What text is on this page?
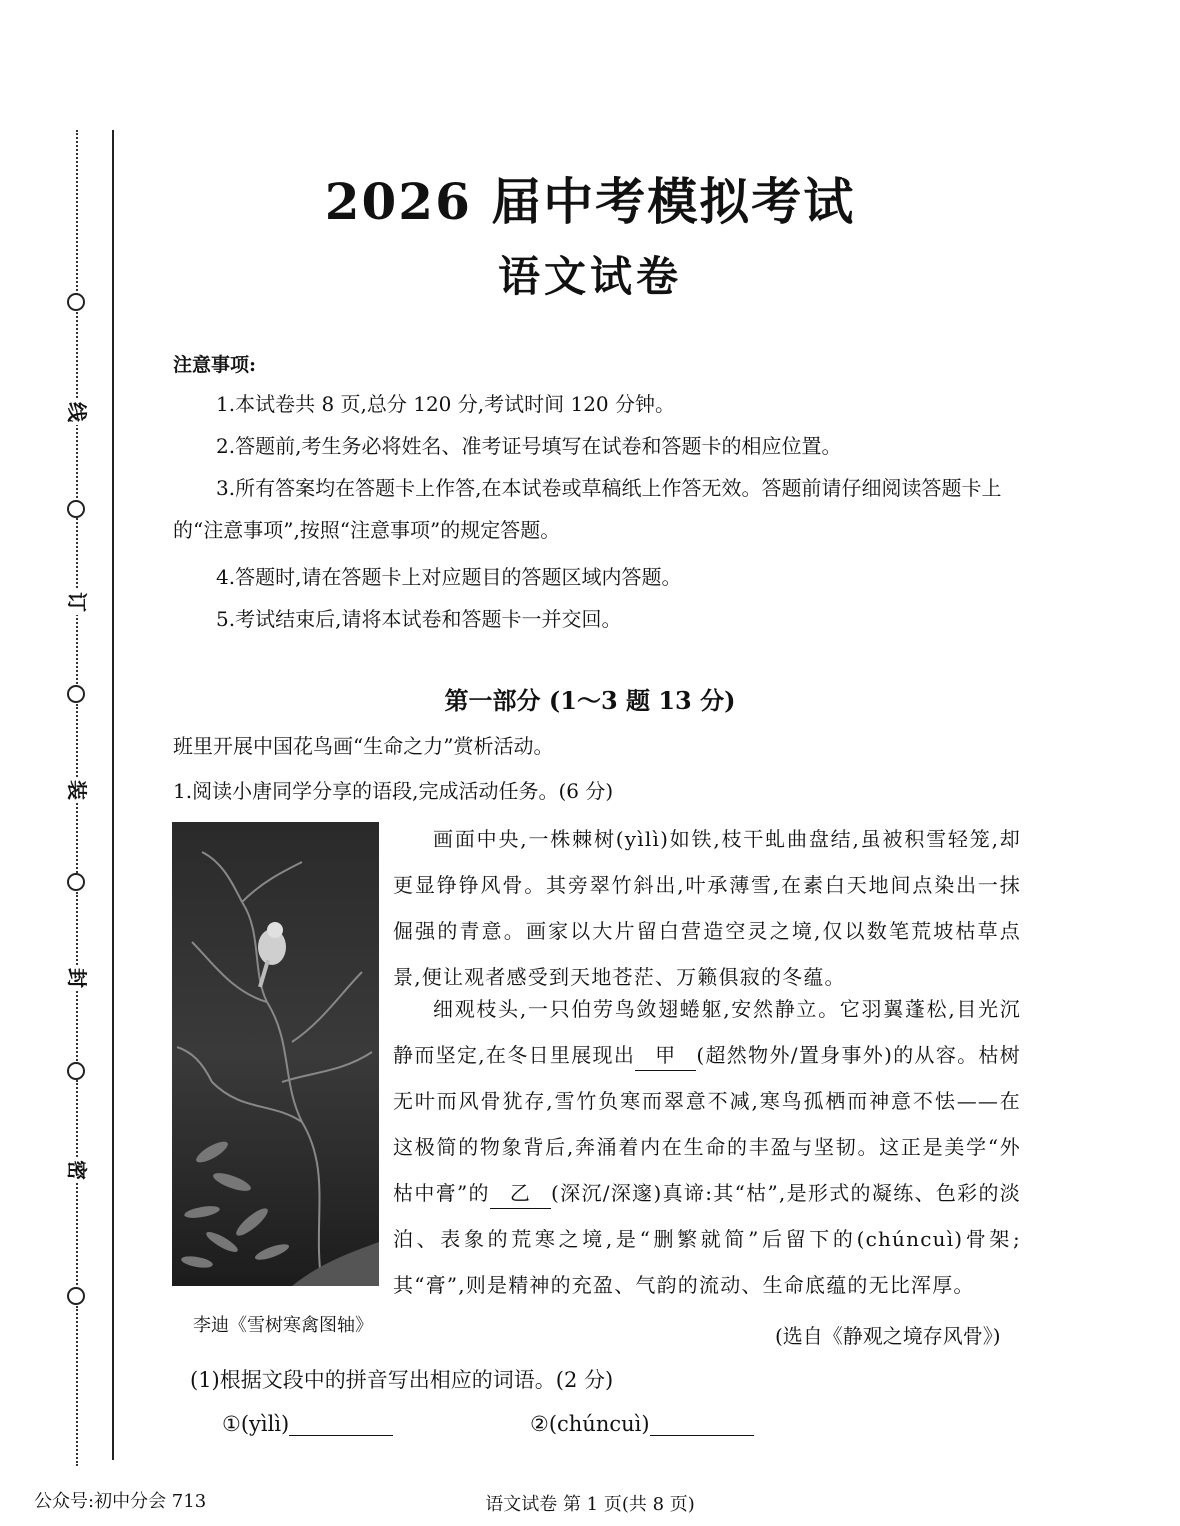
线
订
装
封
密
2026 届中考模拟考试
语文试卷
注意事项:
1.本试卷共 8 页,总分 120 分,考试时间 120 分钟。
2.答题前,考生务必将姓名、准考证号填写在试卷和答题卡的相应位置。
3.所有答案均在答题卡上作答,在本试卷或草稿纸上作答无效。答题前请仔细阅读答题卡上的“注意事项”,按照“注意事项”的规定答题。
4.答题时,请在答题卡上对应题目的答题区域内答题。
5.考试结束后,请将本试卷和答题卡一并交回。
第一部分 (1～3 题 13 分)
班里开展中国花鸟画“生命之力”赏析活动。
1.阅读小唐同学分享的语段,完成活动任务。(6 分)
李迪《雪树寒禽图轴》
画面中央,一株棘树(yìlì)如铁,枝干虬曲盘结,虽被积雪轻笼,却更显铮铮风骨。其旁翠竹斜出,叶承薄雪,在素白天地间点染出一抹倔强的青意。画家以大片留白营造空灵之境,仅以数笔荒坡枯草点景,便让观者感受到天地苍茫、万籁俱寂的冬蕴。
细观枝头,一只伯劳鸟敛翅蜷躯,安然静立。它羽翼蓬松,目光沉静而坚定,在冬日里展现出 甲 (超然物外/置身事外)的从容。枯树无叶而风骨犹存,雪竹负寒而翠意不减,寒鸟孤栖而神意不怯——在这极简的物象背后,奔涌着内在生命的丰盈与坚韧。这正是美学“外枯中膏”的 乙 (深沉/深邃)真谛:其“枯”,是形式的凝练、色彩的淡泊、表象的荒寒之境,是“删繁就简”后留下的(chúncuì)骨架;其“膏”,则是精神的充盈、气韵的流动、生命底蕴的无比浑厚。
(选自《静观之境存风骨》)
(1)根据文段中的拼音写出相应的词语。(2 分)
①(yìlì)	②(chúncuì)
语文试卷 第 1 页(共 8 页)
公众号:初中分会 713
